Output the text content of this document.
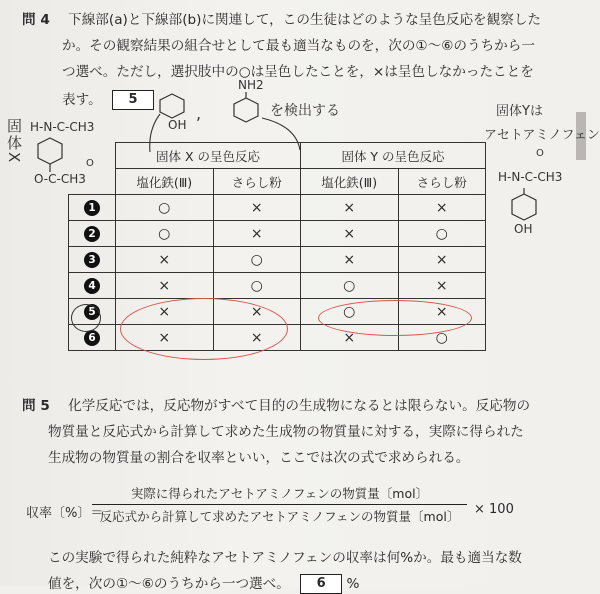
問 4 下線部(a)と下線部(b)に関連して，この生徒はどのような呈色反応を観察した
か。その観察結果の組合せとして最も適当なものを，次の①～⑥のうちから一
つ選べ。ただし，選択肢中の○は呈色したことを，×は呈色しなかったことを
表す。 5
固体X H-N-C-CH3
O
O-C-CH3
OH
,
NH2
を検出する	固体Yは
アセトアミノフェン
O
H-N-C-CH3
OH
	固体 X の呈色反応		固体 Y の呈色反応	
	塩化鉄(Ⅲ)	さらし粉	塩化鉄(Ⅲ)	さらし粉
1	○	×	×	×
2	○	×	×	○
3	×	○	×	×
4	×	○	○	×
5	×	×	○	×
6	×	×	×	○
問 5 化学反応では，反応物がすべて目的の生成物になるとは限らない。反応物の
物質量と反応式から計算して求めた生成物の物質量に対する，実際に得られた
生成物の物質量の割合を収率といい，ここでは次の式で求められる。
収率〔%〕＝
実際に得られたアセトアミノフェンの物質量〔mol〕
反応式から計算して求めたアセトアミノフェンの物質量〔mol〕	× 100
この実験で得られた純粋なアセトアミノフェンの収率は何%か。最も適当な数
値を，次の①～⑥のうちから一つ選べ。 6 %
